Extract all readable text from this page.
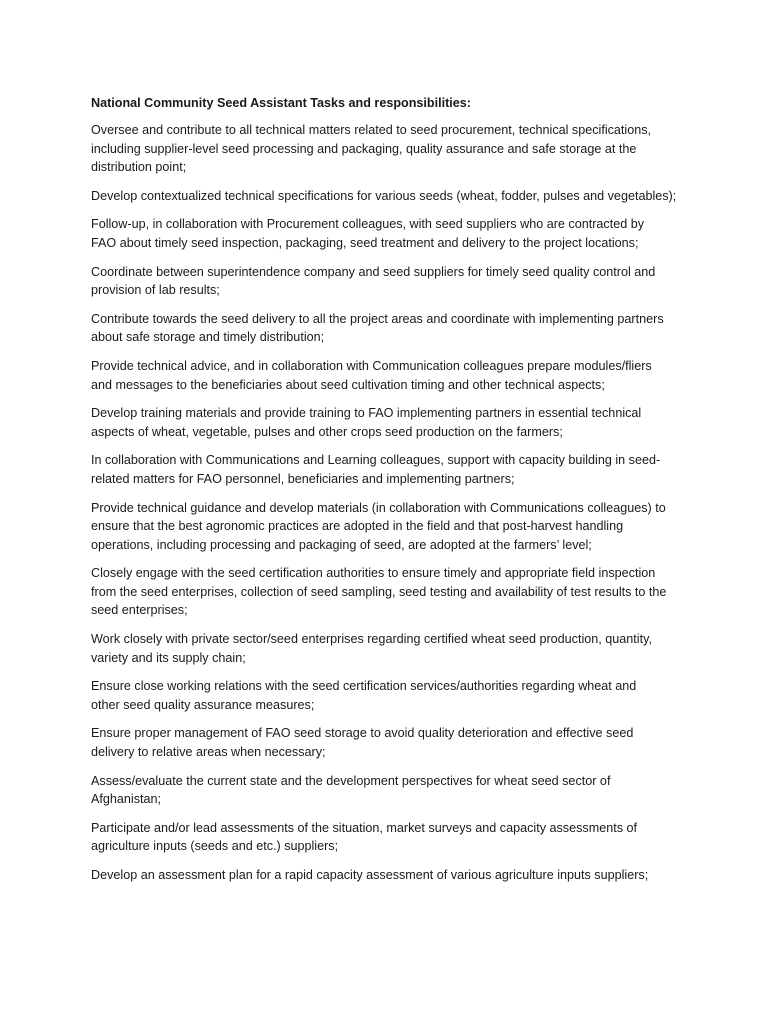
National Community Seed Assistant Tasks and responsibilities:
Oversee and contribute to all technical matters related to seed procurement, technical specifications,
including supplier-level seed processing and packaging, quality assurance and safe storage at the
distribution point;
Develop contextualized technical specifications for various seeds (wheat, fodder, pulses and vegetables);
Follow-up, in collaboration with Procurement colleagues, with seed suppliers who are contracted by
FAO about timely seed inspection, packaging, seed treatment and delivery to the project locations;
Coordinate between superintendence company and seed suppliers for timely seed quality control and
provision of lab results;
Contribute towards the seed delivery to all the project areas and coordinate with implementing partners
about safe storage and timely distribution;
Provide technical advice, and in collaboration with Communication colleagues prepare modules/fliers
and messages to the beneficiaries about seed cultivation timing and other technical aspects;
Develop training materials and provide training to FAO implementing partners in essential technical
aspects of wheat, vegetable, pulses and other crops seed production on the farmers;
In collaboration with Communications and Learning colleagues, support with capacity building in seed-
related matters for FAO personnel, beneficiaries and implementing partners;
Provide technical guidance and develop materials (in collaboration with Communications colleagues) to
ensure that the best agronomic practices are adopted in the field and that post-harvest handling
operations, including processing and packaging of seed, are adopted at the farmers’ level;
Closely engage with the seed certification authorities to ensure timely and appropriate field inspection
from the seed enterprises, collection of seed sampling, seed testing and availability of test results to the
seed enterprises;
Work closely with private sector/seed enterprises regarding certified wheat seed production, quantity,
variety and its supply chain;
Ensure close working relations with the seed certification services/authorities regarding wheat and
other seed quality assurance measures;
Ensure proper management of FAO seed storage to avoid quality deterioration and effective seed
delivery to relative areas when necessary;
Assess/evaluate the current state and the development perspectives for wheat seed sector of
Afghanistan;
Participate and/or lead assessments of the situation, market surveys and capacity assessments of
agriculture inputs (seeds and etc.) suppliers;
Develop an assessment plan for a rapid capacity assessment of various agriculture inputs suppliers;
